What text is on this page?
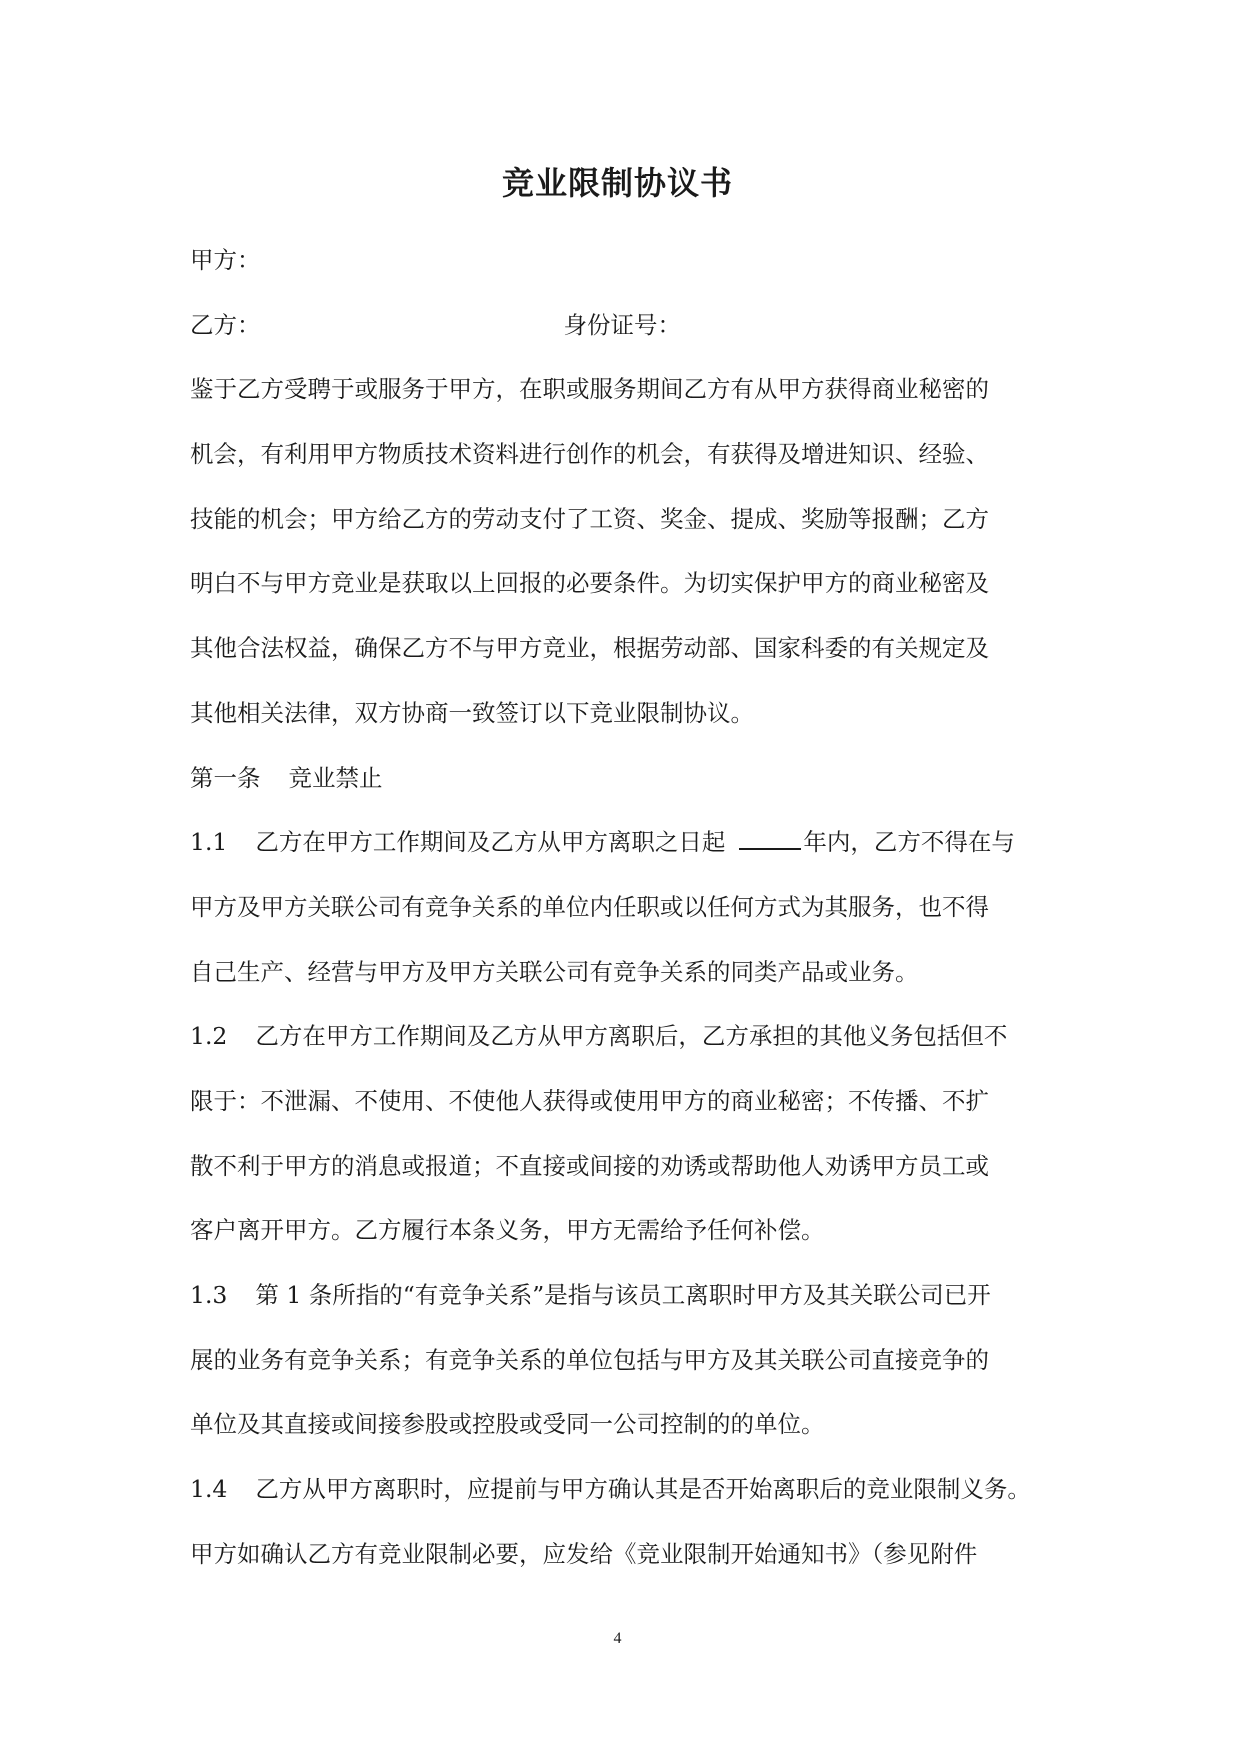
竞业限制协议书
甲方：
乙方：	身份证号：
鉴于乙方受聘于或服务于甲方，在职或服务期间乙方有从甲方获得商业秘密的
机会，有利用甲方物质技术资料进行创作的机会，有获得及增进知识、经验、
技能的机会；甲方给乙方的劳动支付了工资、奖金、提成、奖励等报酬；乙方
明白不与甲方竞业是获取以上回报的必要条件。为切实保护甲方的商业秘密及
其他合法权益，确保乙方不与甲方竞业，根据劳动部、国家科委的有关规定及
其他相关法律，双方协商一致签订以下竞业限制协议。
第一条 竞业禁止
1.1 乙方在甲方工作期间及乙方从甲方离职之日起	年内，乙方不得在与
甲方及甲方关联公司有竞争关系的单位内任职或以任何方式为其服务，也不得
自己生产、经营与甲方及甲方关联公司有竞争关系的同类产品或业务。
1.2 乙方在甲方工作期间及乙方从甲方离职后，乙方承担的其他义务包括但不
限于：不泄漏、不使用、不使他人获得或使用甲方的商业秘密；不传播、不扩
散不利于甲方的消息或报道；不直接或间接的劝诱或帮助他人劝诱甲方员工或
客户离开甲方。乙方履行本条义务，甲方无需给予任何补偿。
1.3 第 1 条所指的“有竞争关系”是指与该员工离职时甲方及其关联公司已开
展的业务有竞争关系；有竞争关系的单位包括与甲方及其关联公司直接竞争的
单位及其直接或间接参股或控股或受同一公司控制的的单位。
1.4 乙方从甲方离职时，应提前与甲方确认其是否开始离职后的竞业限制义务。
甲方如确认乙方有竞业限制必要，应发给《竞业限制开始通知书》（参见附件
4
